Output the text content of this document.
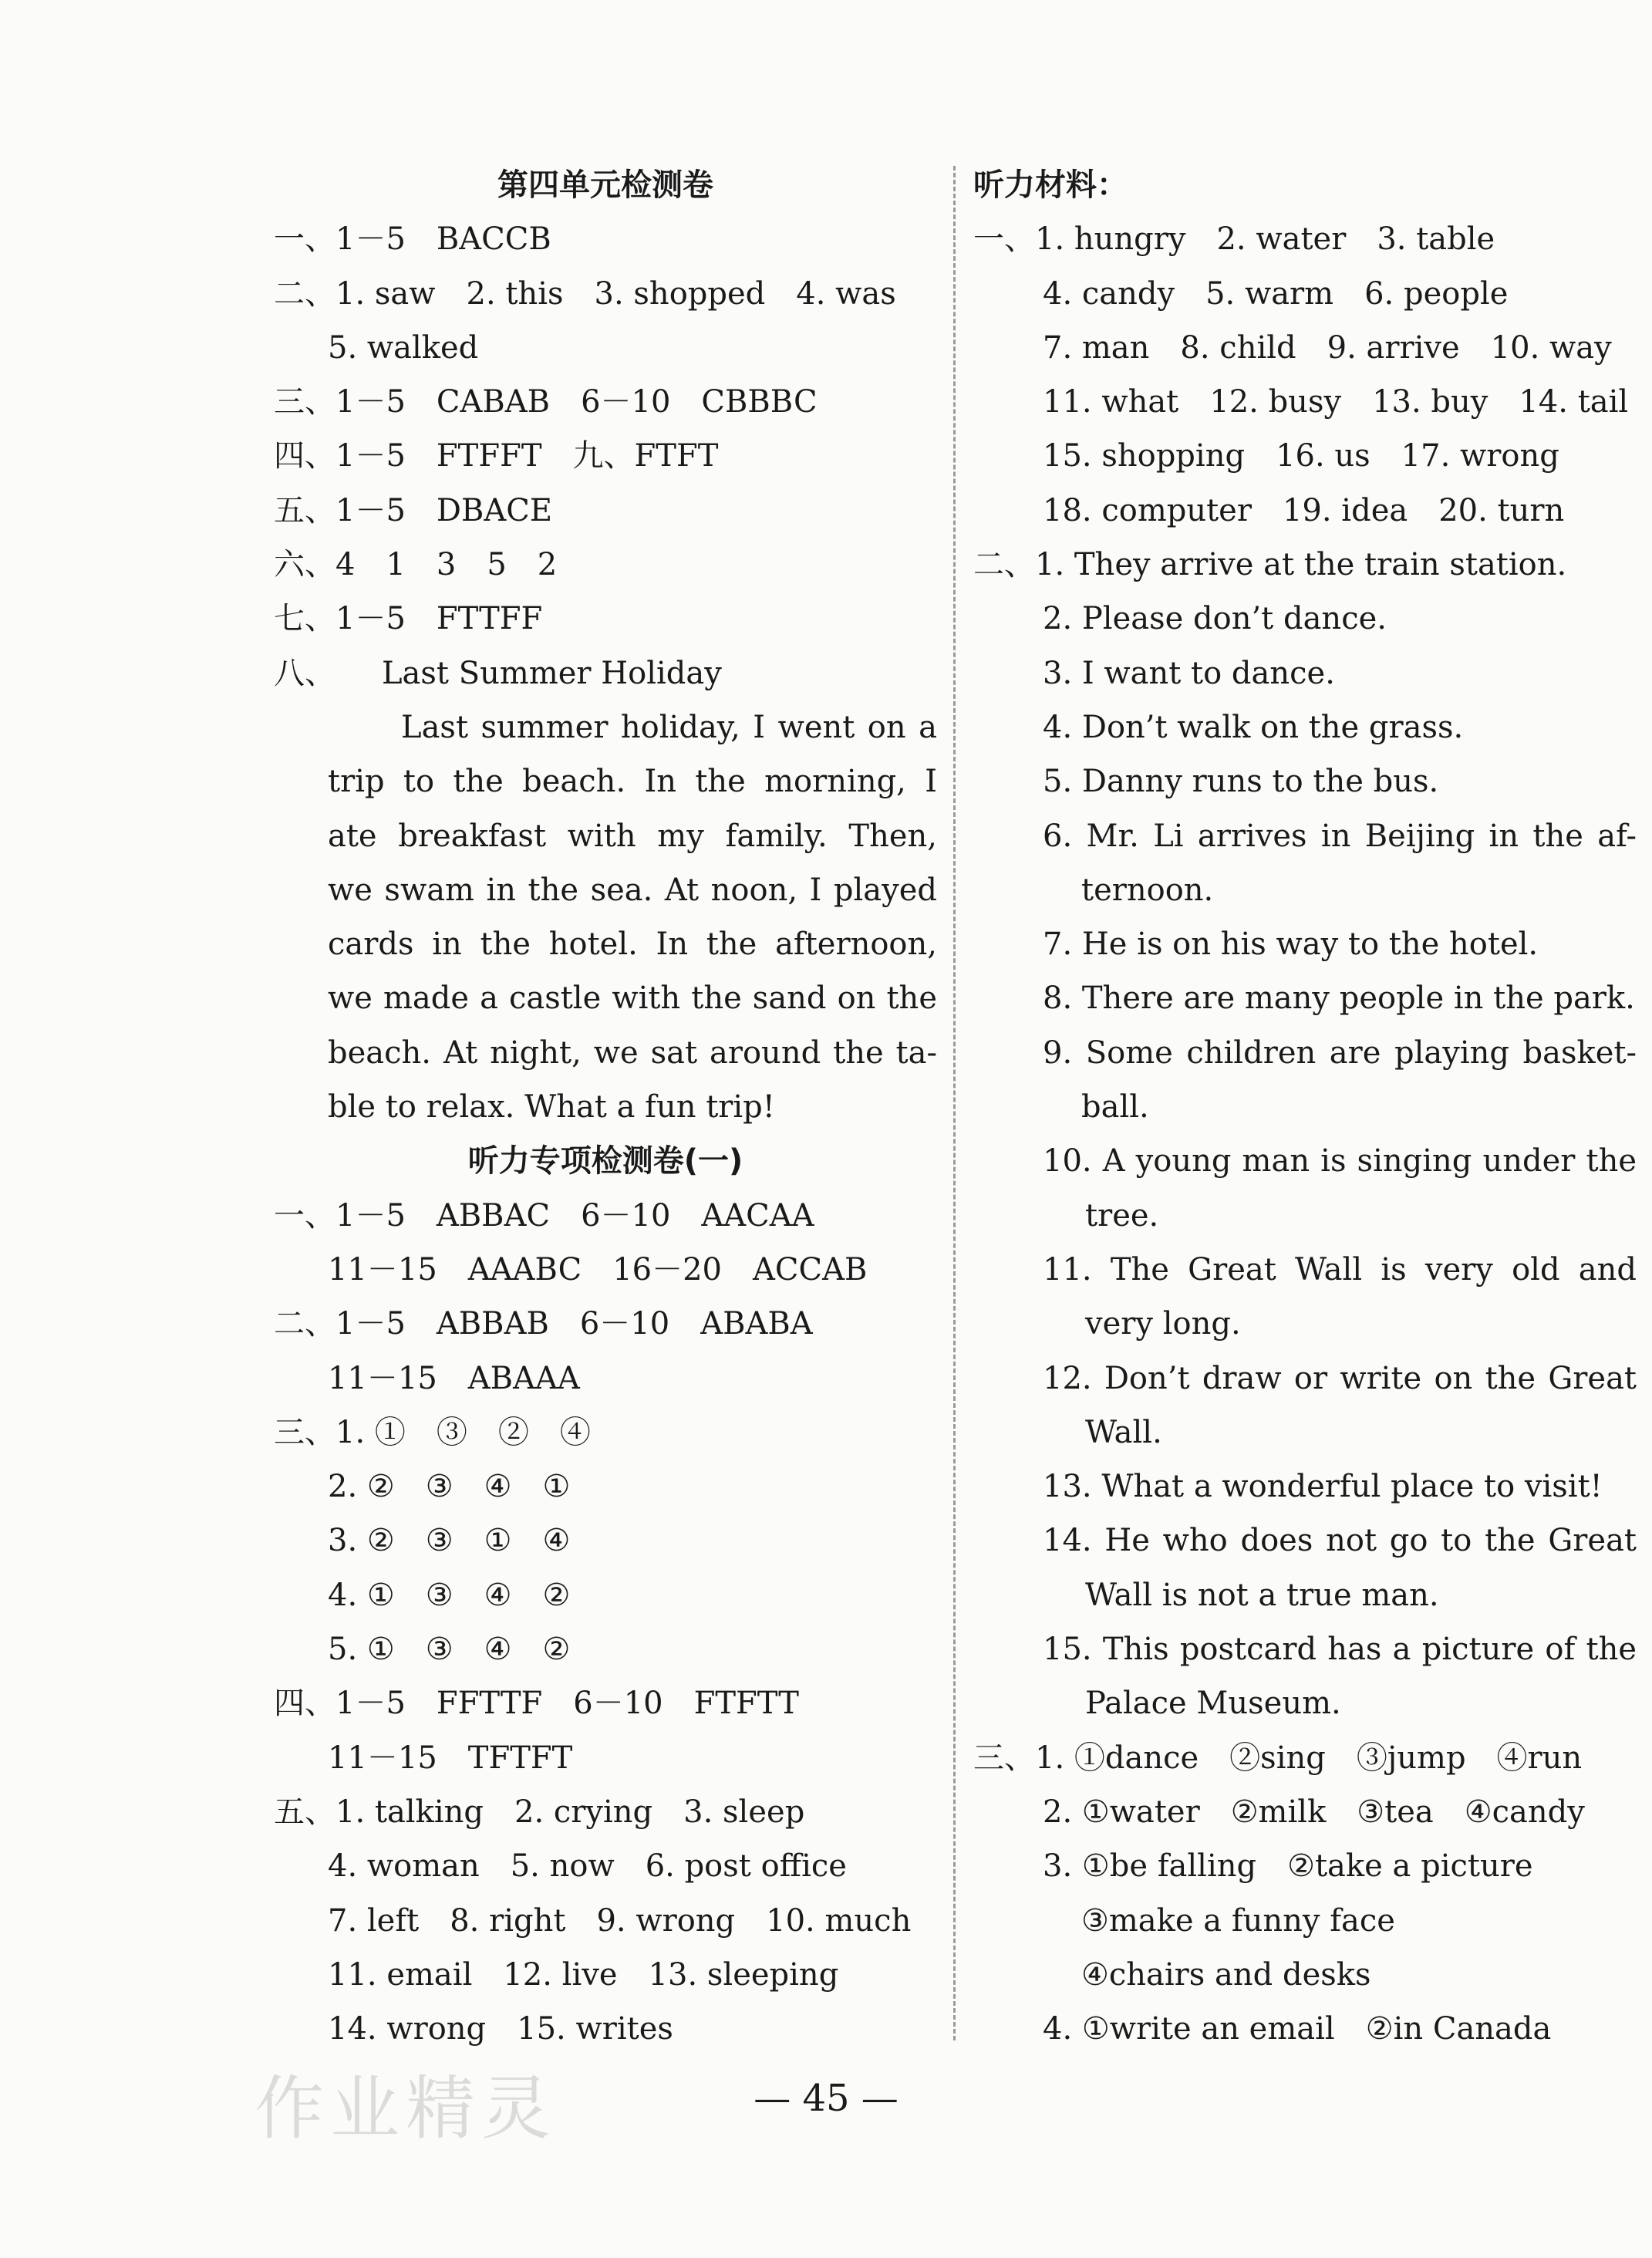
第四单元检测卷
一、1－5　BACCB
二、1. saw　2. this　3. shopped　4. was
5. walked
三、1－5　CABAB　6－10　CBBBC
四、1－5　FTFFT　九、FTFT
五、1－5　DBACE
六、4　1　3　5　2
七、1－5　FTTFF
八、　　Last Summer Holiday
Last summer holiday, I went on a
trip to the beach. In the morning, I
ate breakfast with my family. Then,
we swam in the sea. At noon, I played
cards in the hotel. In the afternoon,
we made a castle with the sand on the
beach. At night, we sat around the ta-
ble to relax. What a fun trip!
听力专项检测卷(一)
一、1－5　ABBAC　6－10　AACAA
11－15　AAABC　16－20　ACCAB
二、1－5　ABBAB　6－10　ABABA
11－15　ABAAA
三、1. ①　③　②　④
2. ②　③　④　①
3. ②　③　①　④
4. ①　③　④　②
5. ①　③　④　②
四、1－5　FFTTF　6－10　FTFTT
11－15　TFTFT
五、1. talking　2. crying　3. sleep
4. woman　5. now　6. post office
7. left　8. right　9. wrong　10. much
11. email　12. live　13. sleeping
14. wrong　15. writes
听力材料：
一、1. hungry　2. water　3. table
4. candy　5. warm　6. people
7. man　8. child　9. arrive　10. way
11. what　12. busy　13. buy　14. tail
15. shopping　16. us　17. wrong
18. computer　19. idea　20. turn
二、1. They arrive at the train station.
2. Please don’t dance.
3. I want to dance.
4. Don’t walk on the grass.
5. Danny runs to the bus.
6. Mr. Li arrives in Beijing in the af-
ternoon.
7. He is on his way to the hotel.
8. There are many people in the park.
9. Some children are playing basket-
ball.
10. A young man is singing under the
tree.
11. The Great Wall is very old and
very long.
12. Don’t draw or write on the Great
Wall.
13. What a wonderful place to visit!
14. He who does not go to the Great
Wall is not a true man.
15. This postcard has a picture of the
Palace Museum.
三、1. ①dance　②sing　③jump　④run
2. ①water　②milk　③tea　④candy
3. ①be falling　②take a picture
③make a funny face
④chairs and desks
4. ①write an email　②in Canada
作业精灵	— 45 —
